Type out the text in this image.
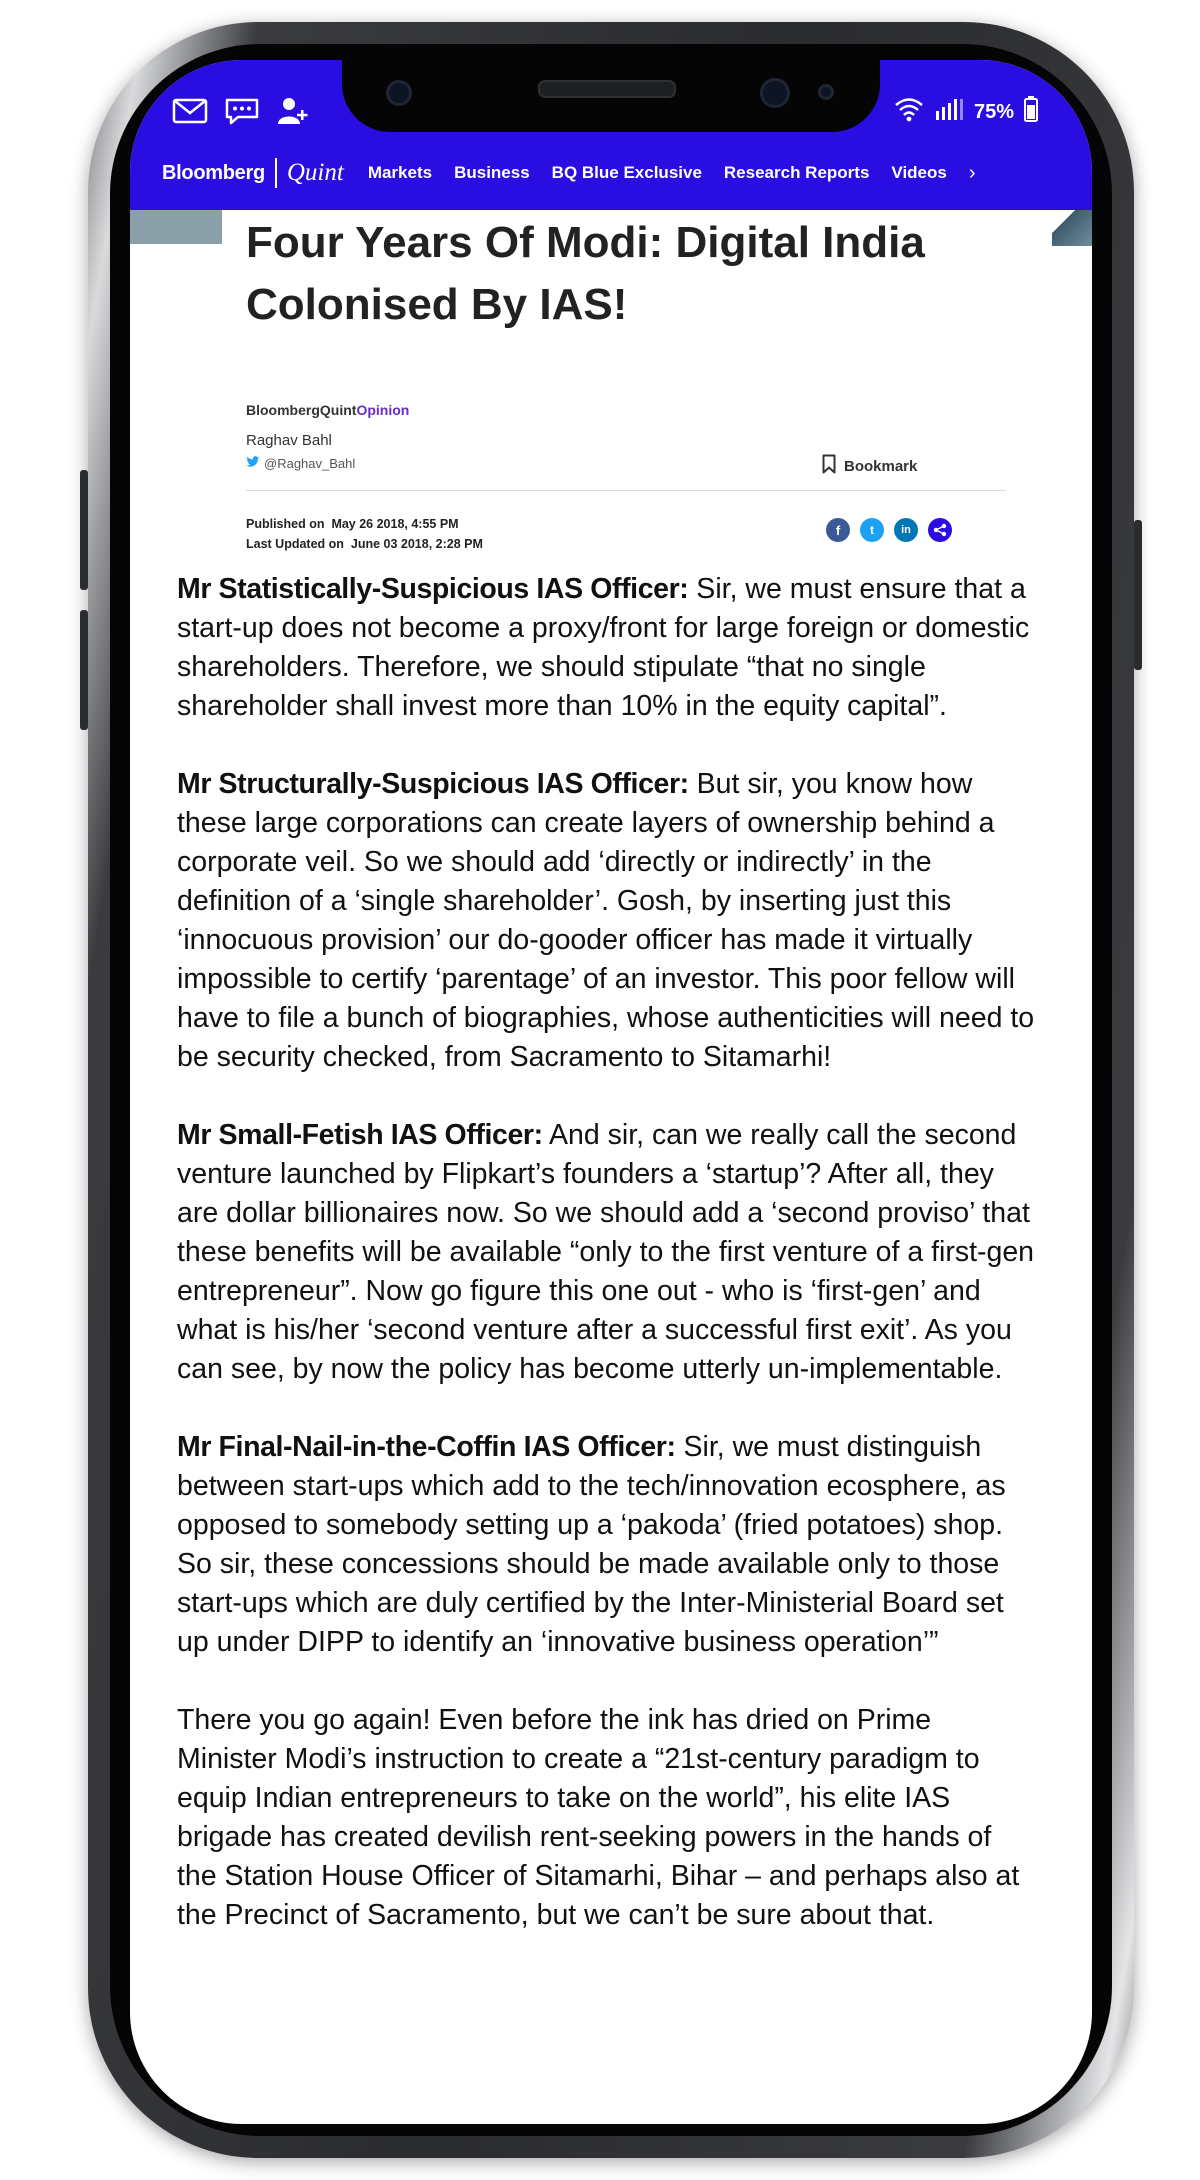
75%
Bloomberg Quint Markets Business BQ Blue Exclusive Research Reports Videos ›
Four Years Of Modi: Digital India Colonised By IAS!
BloombergQuintOpinion
Raghav Bahl
@Raghav_Bahl	Bookmark
Published on May 26 2018, 4:55 PM
Last Updated on June 03 2018, 2:28 PM
f	t	in

Mr Statistically-Suspicious IAS Officer: Sir, we must ensure that a start-up does not become a proxy/front for large foreign or domestic shareholders. Therefore, we should stipulate “that no single shareholder shall invest more than 10% in the equity capital”.

Mr Structurally-Suspicious IAS Officer: But sir, you know how these large corporations can create layers of ownership behind a corporate veil. So we should add ‘directly or indirectly’ in the definition of a ‘single shareholder’. Gosh, by inserting just this ‘innocuous provision’ our do-gooder officer has made it virtually impossible to certify ‘parentage’ of an investor. This poor fellow will have to file a bunch of biographies, whose authenticities will need to be security checked, from Sacramento to Sitamarhi!

Mr Small-Fetish IAS Officer: And sir, can we really call the second venture launched by Flipkart’s founders a ‘startup’? After all, they are dollar billionaires now. So we should add a ‘second proviso’ that these benefits will be available “only to the first venture of a first-gen entrepreneur”. Now go figure this one out - who is ‘first-gen’ and what is his/her ‘second venture after a successful first exit’. As you can see, by now the policy has become utterly un-implementable.

Mr Final-Nail-in-the-Coffin IAS Officer: Sir, we must distinguish between start-ups which add to the tech/innovation ecosphere, as opposed to somebody setting up a ‘pakoda’ (fried potatoes) shop. So sir, these concessions should be made available only to those start-ups which are duly certified by the Inter-Ministerial Board set up under DIPP to identify an ‘innovative business operation’”

There you go again! Even before the ink has dried on Prime Minister Modi’s instruction to create a “21st-century paradigm to equip Indian entrepreneurs to take on the world”, his elite IAS brigade has created devilish rent-seeking powers in the hands of the Station House Officer of Sitamarhi, Bihar – and perhaps also at the Precinct of Sacramento, but we can’t be sure about that.
